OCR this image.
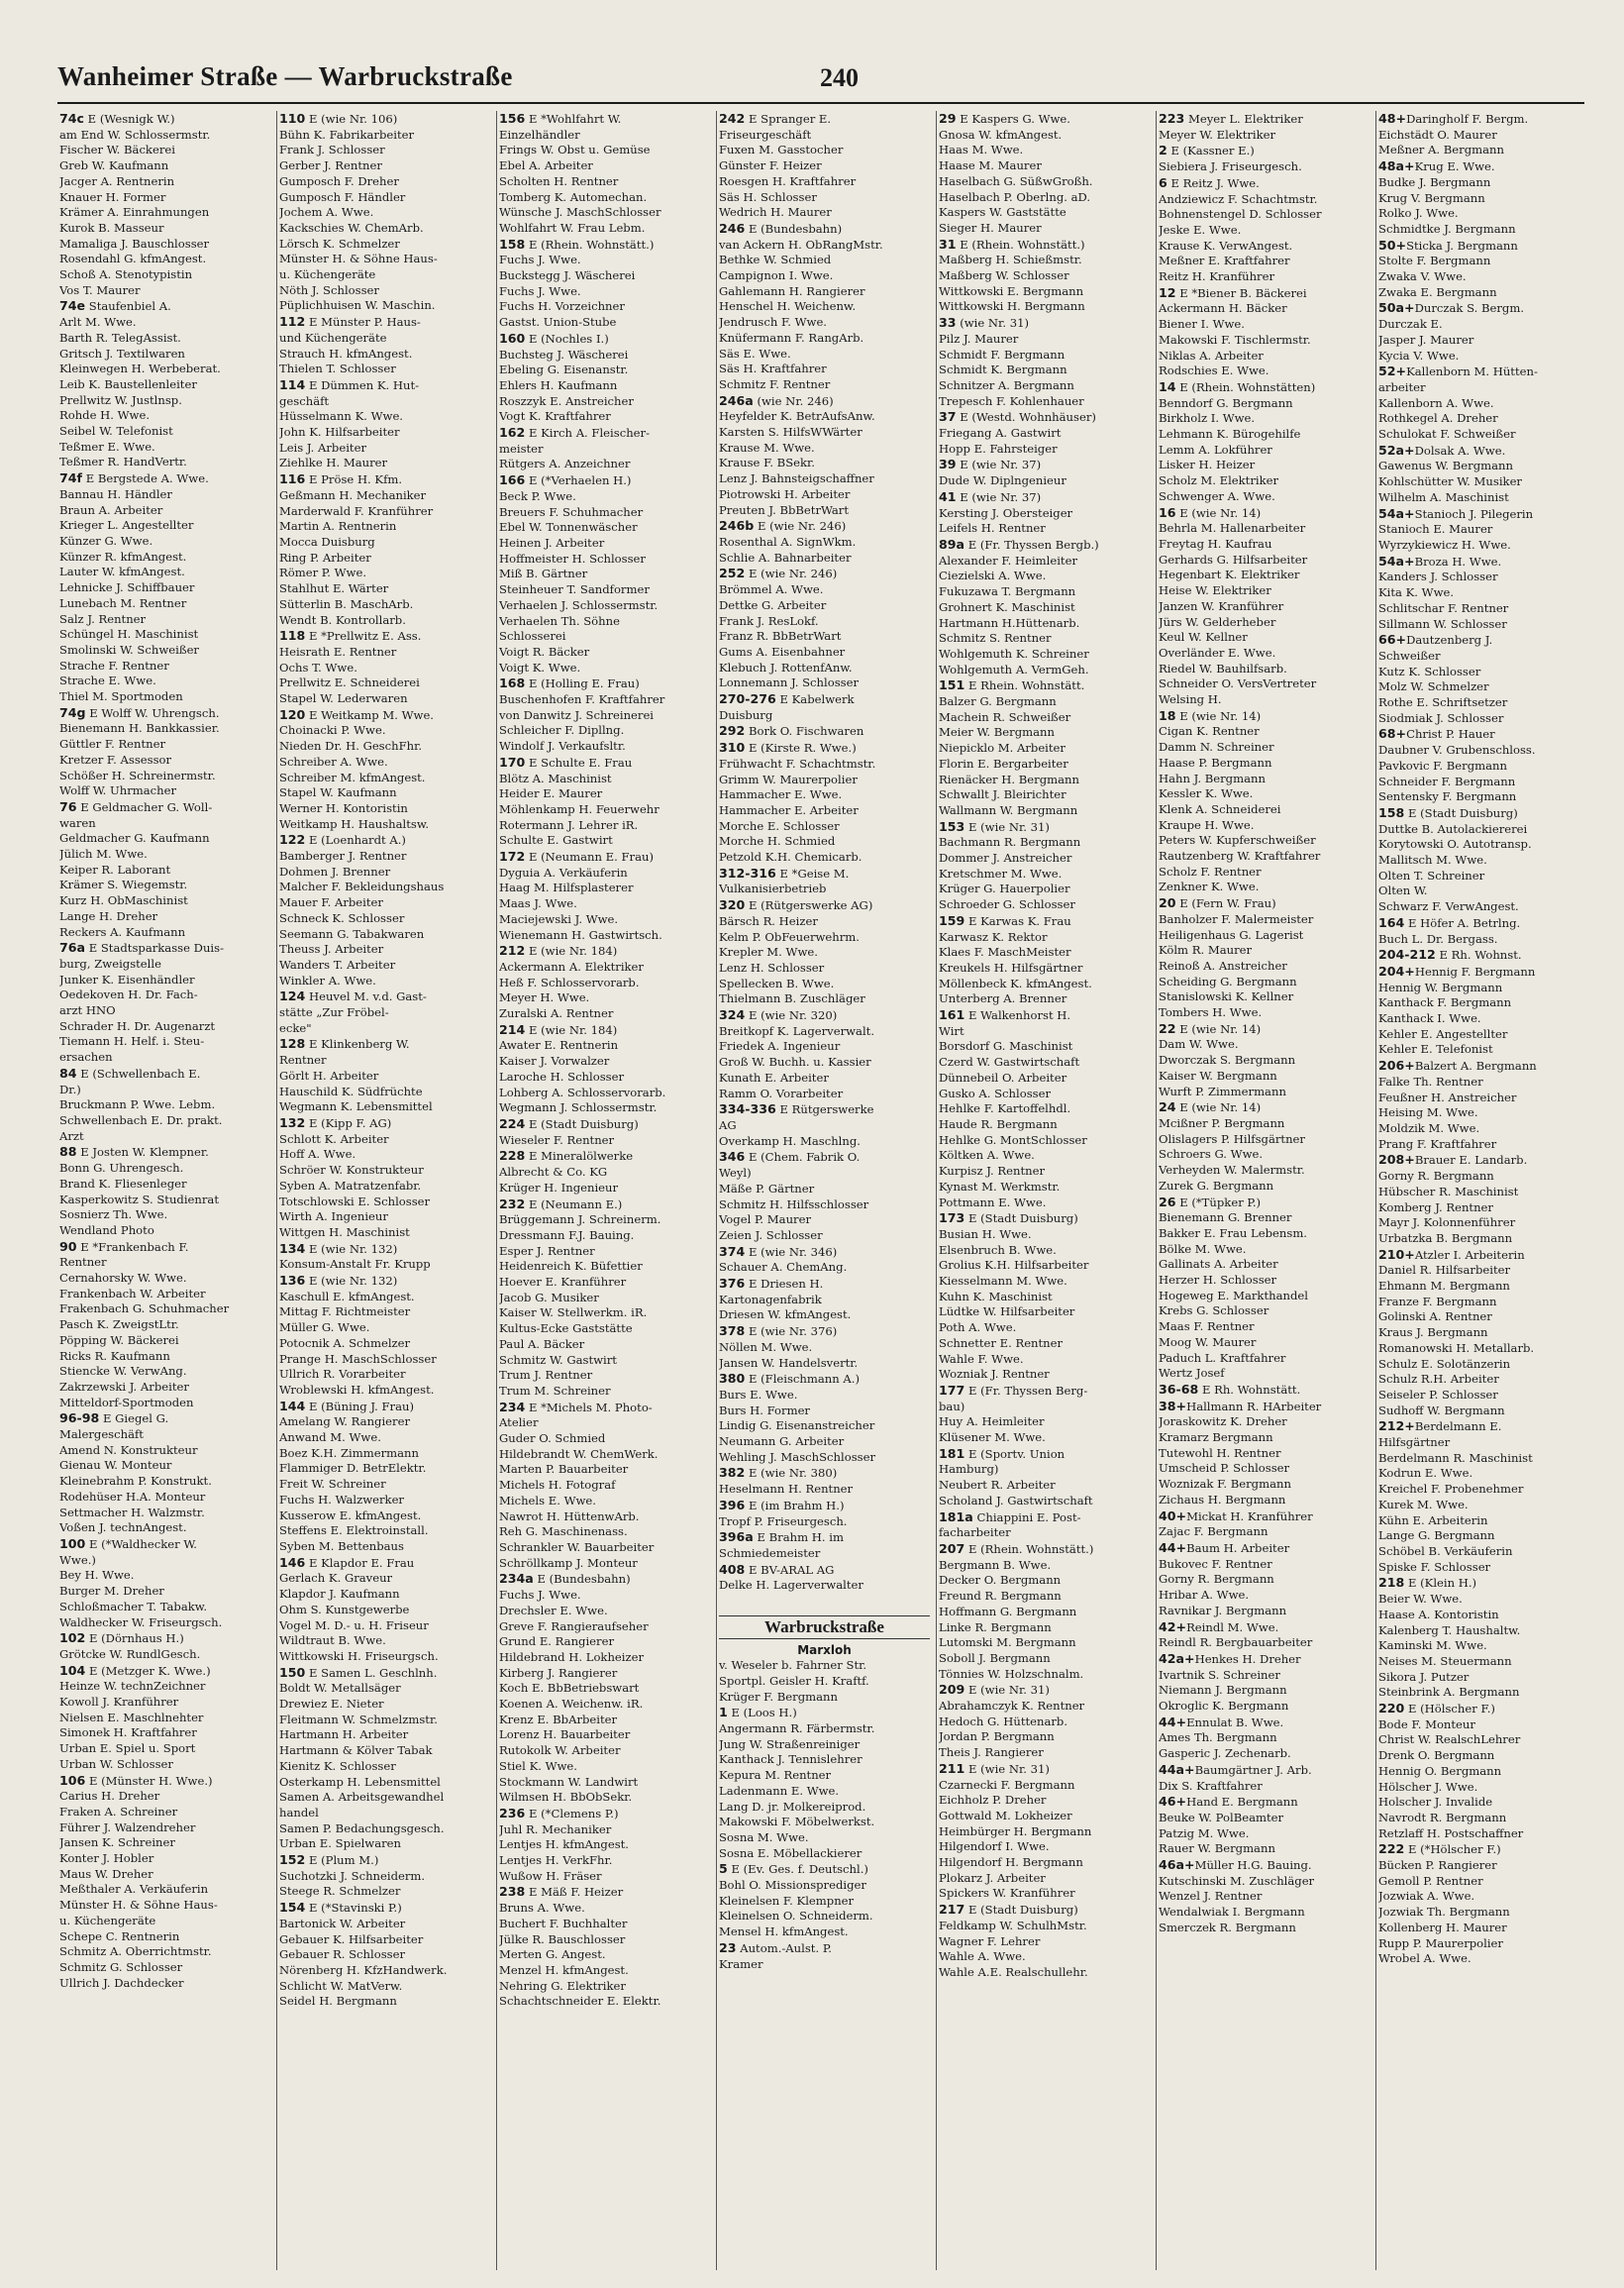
Wanheimer Straße — Warbruckstraße	240
74c E (Wesnigk W.)
am End W. Schlossermstr.
Fischer W. Bäckerei
Greb W. Kaufmann
Jacger A. Rentnerin
Knauer H. Former
Krämer A. Einrahmungen
Kurok B. Masseur
Mamaliga J. Bauschlosser
Rosendahl G. kfmAngest.
Schoß A. Stenotypistin
Vos T. Maurer
74e Staufenbiel A.
Arlt M. Wwe.
Barth R. TelegAssist.
Gritsch J. Textilwaren
Kleinwegen H. Werbeberat.
Leib K. Baustellenleiter
Prellwitz W. Justlnsp.
Rohde H. Wwe.
Seibel W. Telefonist
Teßmer E. Wwe.
Teßmer R. HandVertr.
74f E Bergstede A. Wwe.
Bannau H. Händler
Braun A. Arbeiter
Krieger L. Angestellter
Künzer G. Wwe.
Künzer R. kfmAngest.
Lauter W. kfmAngest.
Lehnicke J. Schiffbauer
Lunebach M. Rentner
Salz J. Rentner
Schüngel H. Maschinist
Smolinski W. Schweißer
Strache F. Rentner
Strache E. Wwe.
Thiel M. Sportmoden
74g E Wolff W. Uhrengsch.
Bienemann H. Bankkassier.
Güttler F. Rentner
Kretzer F. Assessor
Schößer H. Schreinermstr.
Wolff W. Uhrmacher
76 E Geldmacher G. Woll-
waren
Geldmacher G. Kaufmann
Jülich M. Wwe.
Keiper R. Laborant
Krämer S. Wiegemstr.
Kurz H. ObMaschinist
Lange H. Dreher
Reckers A. Kaufmann
76a E Stadtsparkasse Duis-
burg, Zweigstelle
Junker K. Eisenhändler
Oedekoven H. Dr. Fach-
arzt HNO
Schrader H. Dr. Augenarzt
Tiemann H. Helf. i. Steu-
ersachen
84 E (Schwellenbach E.
Dr.)
Bruckmann P. Wwe. Lebm.
Schwellenbach E. Dr. prakt.
Arzt
88 E Josten W. Klempner.
Bonn G. Uhrengesch.
Brand K. Fliesenleger
Kasperkowitz S. Studienrat
Sosnierz Th. Wwe.
Wendland Photo
90 E *Frankenbach F.
Rentner
Cernahorsky W. Wwe.
Frankenbach W. Arbeiter
Frakenbach G. Schuhmacher
Pasch K. ZweigstLtr.
Pöpping W. Bäckerei
Ricks R. Kaufmann
Stiencke W. VerwAng.
Zakrzewski J. Arbeiter
Mitteldorf-Sportmoden
96-98 E Giegel G.
Malergeschäft
Amend N. Konstrukteur
Gienau W. Monteur
Kleinebrahm P. Konstrukt.
Rodehüser H.A. Monteur
Settmacher H. Walzmstr.
Voßen J. technAngest.
100 E (*Waldhecker W.
Wwe.)
Bey H. Wwe.
Burger M. Dreher
Schloßmacher T. Tabakw.
Waldhecker W. Friseurgsch.
102 E (Dörnhaus H.)
Grötcke W. RundlGesch.
104 E (Metzger K. Wwe.)
Heinze W. technZeichner
Kowoll J. Kranführer
Nielsen E. Maschlnehter
Simonek H. Kraftfahrer
Urban E. Spiel u. Sport
Urban W. Schlosser
106 E (Münster H. Wwe.)
Carius H. Dreher
Fraken A. Schreiner
Führer J. Walzendreher
Jansen K. Schreiner
Konter J. Hobler
Maus W. Dreher
Meßthaler A. Verkäuferin
Münster H. & Söhne Haus-
u. Küchengeräte
Schepe C. Rentnerin
Schmitz A. Oberrichtmstr.
Schmitz G. Schlosser
Ullrich J. Dachdecker
110 E (wie Nr. 106)
Bühn K. Fabrikarbeiter
Frank J. Schlosser
Gerber J. Rentner
Gumposch F. Dreher
Gumposch F. Händler
Jochem A. Wwe.
Kackschies W. ChemArb.
Lörsch K. Schmelzer
Münster H. & Söhne Haus-
u. Küchengeräte
Nöth J. Schlosser
Püplichhuisen W. Maschin.
112 E Münster P. Haus-
und Küchengeräte
Strauch H. kfmAngest.
Thielen T. Schlosser
114 E Dümmen K. Hut-
geschäft
Hüsselmann K. Wwe.
John K. Hilfsarbeiter
Leis J. Arbeiter
Ziehlke H. Maurer
116 E Pröse H. Kfm.
Geßmann H. Mechaniker
Marderwald F. Kranführer
Martin A. Rentnerin
Mocca Duisburg
Ring P. Arbeiter
Römer P. Wwe.
Stahlhut E. Wärter
Sütterlin B. MaschArb.
Wendt B. Kontrollarb.
118 E *Prellwitz E. Ass.
Heisrath E. Rentner
Ochs T. Wwe.
Prellwitz E. Schneiderei
Stapel W. Lederwaren
120 E Weitkamp M. Wwe.
Choinacki P. Wwe.
Nieden Dr. H. GeschFhr.
Schreiber A. Wwe.
Schreiber M. kfmAngest.
Stapel W. Kaufmann
Werner H. Kontoristin
Weitkamp H. Haushaltsw.
122 E (Loenhardt A.)
Bamberger J. Rentner
Dohmen J. Brenner
Malcher F. Bekleidungshaus
Mauer F. Arbeiter
Schneck K. Schlosser
Seemann G. Tabakwaren
Theuss J. Arbeiter
Wanders T. Arbeiter
Winkler A. Wwe.
124 Heuvel M. v.d. Gast-
stätte „Zur Fröbel-
ecke"
128 E Klinkenberg W.
Rentner
Görlt H. Arbeiter
Hauschild K. Südfrüchte
Wegmann K. Lebensmittel
132 E (Kipp F. AG)
Schlott K. Arbeiter
Hoff A. Wwe.
Schröer W. Konstrukteur
Syben A. Matratzenfabr.
Totschlowski E. Schlosser
Wirth A. Ingenieur
Wittgen H. Maschinist
134 E (wie Nr. 132)
Konsum-Anstalt Fr. Krupp
136 E (wie Nr. 132)
Kaschull E. kfmAngest.
Mittag F. Richtmeister
Müller G. Wwe.
Potocnik A. Schmelzer
Prange H. MaschSchlosser
Ullrich R. Vorarbeiter
Wroblewski H. kfmAngest.
144 E (Büning J. Frau)
Amelang W. Rangierer
Anwand M. Wwe.
Boez K.H. Zimmermann
Flammiger D. BetrElektr.
Freit W. Schreiner
Fuchs H. Walzwerker
Kusserow E. kfmAngest.
Steffens E. Elektroinstall.
Syben M. Bettenbaus
146 E Klapdor E. Frau
Gerlach K. Graveur
Klapdor J. Kaufmann
Ohm S. Kunstgewerbe
Vogel M. D.- u. H. Friseur
Wildtraut B. Wwe.
Wittkowski H. Friseurgsch.
150 E Samen L. Geschlnh.
Boldt W. Metallsäger
Drewiez E. Nieter
Fleitmann W. Schmelzmstr.
Hartmann H. Arbeiter
Hartmann & Kölver Tabak
Kienitz K. Schlosser
Osterkamp H. Lebensmittel
Samen A. Arbeitsgewandhel
handel
Samen P. Bedachungsgesch.
Urban E. Spielwaren
152 E (Plum M.)
Suchotzki J. Schneiderm.
Steege R. Schmelzer
154 E (*Stavinski P.)
Bartonick W. Arbeiter
Gebauer K. Hilfsarbeiter
Gebauer R. Schlosser
Nörenberg H. KfzHandwerk.
Schlicht W. MatVerw.
Seidel H. Bergmann
156 E *Wohlfahrt W.
Einzelhändler
Frings W. Obst u. Gemüse
Ebel A. Arbeiter
Scholten H. Rentner
Tomberg K. Automechan.
Wünsche J. MaschSchlosser
Wohlfahrt W. Frau Lebm.
158 E (Rhein. Wohnstätt.)
Fuchs J. Wwe.
Buckstegg J. Wäscherei
Fuchs J. Wwe.
Fuchs H. Vorzeichner
Gastst. Union-Stube
160 E (Nochles I.)
Buchsteg J. Wäscherei
Ebeling G. Eisenanstr.
Ehlers H. Kaufmann
Roszzyk E. Anstreicher
Vogt K. Kraftfahrer
162 E Kirch A. Fleischer-
meister
Rütgers A. Anzeichner
166 E (*Verhaelen H.)
Beck P. Wwe.
Breuers F. Schuhmacher
Ebel W. Tonnenwäscher
Heinen J. Arbeiter
Hoffmeister H. Schlosser
Miß B. Gärtner
Steinheuer T. Sandformer
Verhaelen J. Schlossermstr.
Verhaelen Th. Söhne
Schlosserei
Voigt R. Bäcker
Voigt K. Wwe.
168 E (Holling E. Frau)
Buschenhofen F. Kraftfahrer
von Danwitz J. Schreinerei
Schleicher F. Dipllng.
Windolf J. Verkaufsltr.
170 E Schulte E. Frau
Blötz A. Maschinist
Heider E. Maurer
Möhlenkamp H. Feuerwehr
Rotermann J. Lehrer iR.
Schulte E. Gastwirt
172 E (Neumann E. Frau)
Dyguia A. Verkäuferin
Haag M. Hilfsplasterer
Maas J. Wwe.
Maciejewski J. Wwe.
Wienemann H. Gastwirtsch.
212 E (wie Nr. 184)
Ackermann A. Elektriker
Heß F. Schlosservorarb.
Meyer H. Wwe.
Zuralski A. Rentner
214 E (wie Nr. 184)
Awater E. Rentnerin
Kaiser J. Vorwalzer
Laroche H. Schlosser
Lohberg A. Schlosservorarb.
Wegmann J. Schlossermstr.
224 E (Stadt Duisburg)
Wieseler F. Rentner
228 E Mineralölwerke
Albrecht & Co. KG
Krüger H. Ingenieur
232 E (Neumann E.)
Brüggemann J. Schreinerm.
Dressmann F.J. Bauing.
Esper J. Rentner
Heidenreich K. Büfettier
Hoever E. Kranführer
Jacob G. Musiker
Kaiser W. Stellwerkm. iR.
Kultus-Ecke Gaststätte
Paul A. Bäcker
Schmitz W. Gastwirt
Trum J. Rentner
Trum M. Schreiner
234 E *Michels M. Photo-
Atelier
Guder O. Schmied
Hildebrandt W. ChemWerk.
Marten P. Bauarbeiter
Michels H. Fotograf
Michels E. Wwe.
Nawrot H. HüttenwArb.
Reh G. Maschinenass.
Schrankler W. Bauarbeiter
Schröllkamp J. Monteur
234a E (Bundesbahn)
Fuchs J. Wwe.
Drechsler E. Wwe.
Greve F. Rangieraufseher
Grund E. Rangierer
Hildebrand H. Lokheizer
Kirberg J. Rangierer
Koch E. BbBetriebswart
Koenen A. Weichenw. iR.
Krenz E. BbArbeiter
Lorenz H. Bauarbeiter
Rutokolk W. Arbeiter
Stiel K. Wwe.
Stockmann W. Landwirt
Wilmsen H. BbObSekr.
236 E (*Clemens P.)
Juhl R. Mechaniker
Lentjes H. kfmAngest.
Lentjes H. VerkFhr.
Wußow H. Fräser
238 E Mäß F. Heizer
Bruns A. Wwe.
Buchert F. Buchhalter
Jülke R. Bauschlosser
Merten G. Angest.
Menzel H. kfmAngest.
Nehring G. Elektriker
Schachtschneider E. Elektr.
242 E Spranger E.
Friseurgeschäft
Fuxen M. Gasstocher
Günster F. Heizer
Roesgen H. Kraftfahrer
Säs H. Schlosser
Wedrich H. Maurer
246 E (Bundesbahn)
van Ackern H. ObRangMstr.
Bethke W. Schmied
Campignon I. Wwe.
Gahlemann H. Rangierer
Henschel H. Weichenw.
Jendrusch F. Wwe.
Knüfermann F. RangArb.
Säs E. Wwe.
Säs H. Kraftfahrer
Schmitz F. Rentner
246a (wie Nr. 246)
Heyfelder K. BetrAufsAnw.
Karsten S. HilfsWWärter
Krause M. Wwe.
Krause F. BSekr.
Lenz J. Bahnsteigschaffner
Piotrowski H. Arbeiter
Preuten J. BbBetrWart
246b E (wie Nr. 246)
Rosenthal A. SignWkm.
Schlie A. Bahnarbeiter
252 E (wie Nr. 246)
Brömmel A. Wwe.
Dettke G. Arbeiter
Frank J. ResLokf.
Franz R. BbBetrWart
Gums A. Eisenbahner
Klebuch J. RottenfAnw.
Lonnemann J. Schlosser
270-276 E Kabelwerk
Duisburg
292 Bork O. Fischwaren
310 E (Kirste R. Wwe.)
Frühwacht F. Schachtmstr.
Grimm W. Maurerpolier
Hammacher E. Wwe.
Hammacher E. Arbeiter
Morche E. Schlosser
Morche H. Schmied
Petzold K.H. Chemicarb.
312-316 E *Geise M.
Vulkanisierbetrieb
320 E (Rütgerswerke AG)
Bärsch R. Heizer
Kelm P. ObFeuerwehrm.
Krepler M. Wwe.
Lenz H. Schlosser
Spellecken B. Wwe.
Thielmann B. Zuschläger
324 E (wie Nr. 320)
Breitkopf K. Lagerverwalt.
Friedek A. Ingenieur
Groß W. Buchh. u. Kassier
Kunath E. Arbeiter
Ramm O. Vorarbeiter
334-336 E Rütgerswerke
AG
Overkamp H. Maschlng.
346 E (Chem. Fabrik O.
Weyl)
Mäße P. Gärtner
Schmitz H. Hilfsschlosser
Vogel P. Maurer
Zeien J. Schlosser
374 E (wie Nr. 346)
Schauer A. ChemAng.
376 E Driesen H.
Kartonagenfabrik
Driesen W. kfmAngest.
378 E (wie Nr. 376)
Nöllen M. Wwe.
Jansen W. Handelsvertr.
380 E (Fleischmann A.)
Burs E. Wwe.
Burs H. Former
Lindig G. Eisenanstreicher
Neumann G. Arbeiter
Wehling J. MaschSchlosser
382 E (wie Nr. 380)
Heselmann H. Rentner
396 E (im Brahm H.)
Tropf P. Friseurgesch.
396a E Brahm H. im
Schmiedemeister
408 E BV-ARAL AG
Delke H. Lagerverwalter

Warbruckstraße
Marxloh
v. Weseler b. Fahrner Str.
Sportpl. Geisler H. Kraftf.
Krüger F. Bergmann
1 E (Loos H.)
Angermann R. Färbermstr.
Jung W. Straßenreiniger
Kanthack J. Tennislehrer
Kepura M. Rentner
Ladenmann E. Wwe.
Lang D. jr. Molkereiprod.
Makowski F. Möbelwerkst.
Sosna M. Wwe.
Sosna E. Möbellackierer
5 E (Ev. Ges. f. Deutschl.)
Bohl O. Missionsprediger
Kleinelsen F. Klempner
Kleinelsen O. Schneiderm.
Mensel H. kfmAngest.
23 Autom.-Aulst. P.
Kramer
29 E Kaspers G. Wwe.
Gnosa W. kfmAngest.
Haas M. Wwe.
Haase M. Maurer
Haselbach G. SüßwGroßh.
Haselbach P. Oberlng. aD.
Kaspers W. Gaststätte
Sieger H. Maurer
31 E (Rhein. Wohnstätt.)
Maßberg H. Schießmstr.
Maßberg W. Schlosser
Wittkowski E. Bergmann
Wittkowski H. Bergmann
33 (wie Nr. 31)
Pilz J. Maurer
Schmidt F. Bergmann
Schmidt K. Bergmann
Schnitzer A. Bergmann
Trepesch F. Kohlenhauer
37 E (Westd. Wohnhäuser)
Friegang A. Gastwirt
Hopp E. Fahrsteiger
39 E (wie Nr. 37)
Dude W. Diplngenieur
41 E (wie Nr. 37)
Kersting J. Obersteiger
Leifels H. Rentner
89a E (Fr. Thyssen Bergb.)
Alexander F. Heimleiter
Ciezielski A. Wwe.
Fukuzawa T. Bergmann
Grohnert K. Maschinist
Hartmann H.Hüttenarb.
Schmitz S. Rentner
Wohlgemuth K. Schreiner
Wohlgemuth A. VermGeh.
151 E Rhein. Wohnstätt.
Balzer G. Bergmann
Machein R. Schweißer
Meier W. Bergmann
Niepicklo M. Arbeiter
Florin E. Bergarbeiter
Rienäcker H. Bergmann
Schwallt J. Bleirichter
Wallmann W. Bergmann
153 E (wie Nr. 31)
Bachmann R. Bergmann
Dommer J. Anstreicher
Kretschmer M. Wwe.
Krüger G. Hauerpolier
Schroeder G. Schlosser
159 E Karwas K. Frau
Karwasz K. Rektor
Klaes F. MaschMeister
Kreukels H. Hilfsgärtner
Möllenbeck K. kfmAngest.
Unterberg A. Brenner
161 E Walkenhorst H.
Wirt
Borsdorf G. Maschinist
Czerd W. Gastwirtschaft
Dünnebeil O. Arbeiter
Gusko A. Schlosser
Hehlke F. Kartoffelhdl.
Haude R. Bergmann
Hehlke G. MontSchlosser
Költken A. Wwe.
Kurpisz J. Rentner
Kynast M. Werkmstr.
Pottmann E. Wwe.
173 E (Stadt Duisburg)
Busian H. Wwe.
Elsenbruch B. Wwe.
Grolius K.H. Hilfsarbeiter
Kiesselmann M. Wwe.
Kuhn K. Maschinist
Lüdtke W. Hilfsarbeiter
Poth A. Wwe.
Schnetter E. Rentner
Wahle F. Wwe.
Wozniak J. Rentner
177 E (Fr. Thyssen Berg-
bau)
Huy A. Heimleiter
Klüsener M. Wwe.
181 E (Sportv. Union
Hamburg)
Neubert R. Arbeiter
Scholand J. Gastwirtschaft
181a Chiappini E. Post-
facharbeiter
207 E (Rhein. Wohnstätt.)
Bergmann B. Wwe.
Decker O. Bergmann
Freund R. Bergmann
Hoffmann G. Bergmann
Linke R. Bergmann
Lutomski M. Bergmann
Soboll J. Bergmann
Tönnies W. Holzschnalm.
209 E (wie Nr. 31)
Abrahamczyk K. Rentner
Hedoch G. Hüttenarb.
Jordan P. Bergmann
Theis J. Rangierer
211 E (wie Nr. 31)
Czarnecki F. Bergmann
Eichholz P. Dreher
Gottwald M. Lokheizer
Heimbürger H. Bergmann
Hilgendorf I. Wwe.
Hilgendorf H. Bergmann
Plokarz J. Arbeiter
Spickers W. Kranführer
217 E (Stadt Duisburg)
Feldkamp W. SchulhMstr.
Wagner F. Lehrer
Wahle A. Wwe.
Wahle A.E. Realschullehr.
223 Meyer L. Elektriker
Meyer W. Elektriker
2 E (Kassner E.)
Siebiera J. Friseurgesch.
6 E Reitz J. Wwe.
Andziewicz F. Schachtmstr.
Bohnenstengel D. Schlosser
Jeske E. Wwe.
Krause K. VerwAngest.
Meßner E. Kraftfahrer
Reitz H. Kranführer
12 E *Biener B. Bäckerei
Ackermann H. Bäcker
Biener I. Wwe.
Makowski F. Tischlermstr.
Niklas A. Arbeiter
Rodschies E. Wwe.
14 E (Rhein. Wohnstätten)
Benndorf G. Bergmann
Birkholz I. Wwe.
Lehmann K. Bürogehilfe
Lemm A. Lokführer
Lisker H. Heizer
Scholz M. Elektriker
Schwenger A. Wwe.
16 E (wie Nr. 14)
Behrla M. Hallenarbeiter
Freytag H. Kaufrau
Gerhards G. Hilfsarbeiter
Hegenbart K. Elektriker
Heise W. Elektriker
Janzen W. Kranführer
Jürs W. Gelderheber
Keul W. Kellner
Overländer E. Wwe.
Riedel W. Bauhilfsarb.
Schneider O. VersVertreter
Welsing H.
18 E (wie Nr. 14)
Cigan K. Rentner
Damm N. Schreiner
Haase P. Bergmann
Hahn J. Bergmann
Kessler K. Wwe.
Klenk A. Schneiderei
Kraupe H. Wwe.
Peters W. Kupferschweißer
Rautzenberg W. Kraftfahrer
Scholz F. Rentner
Zenkner K. Wwe.
20 E (Fern W. Frau)
Banholzer F. Malermeister
Heiligenhaus G. Lagerist
Kölm R. Maurer
Reinoß A. Anstreicher
Scheiding G. Bergmann
Stanislowski K. Kellner
Tombers H. Wwe.
22 E (wie Nr. 14)
Dam W. Wwe.
Dworczak S. Bergmann
Kaiser W. Bergmann
Wurft P. Zimmermann
24 E (wie Nr. 14)
Mcißner P. Bergmann
Olislagers P. Hilfsgärtner
Schroers G. Wwe.
Verheyden W. Malermstr.
Zurek G. Bergmann
26 E (*Tüpker P.)
Bienemann G. Brenner
Bakker E. Frau Lebensm.
Bölke M. Wwe.
Gallinats A. Arbeiter
Herzer H. Schlosser
Hogeweg E. Markthandel
Krebs G. Schlosser
Maas F. Rentner
Moog W. Maurer
Paduch L. Kraftfahrer
Wertz Josef
36-68 E Rh. Wohnstätt.
38+Hallmann R. HArbeiter
Joraskowitz K. Dreher
Kramarz Bergmann
Tutewohl H. Rentner
Umscheid P. Schlosser
Woznizak F. Bergmann
Zichaus H. Bergmann
40+Mickat H. Kranführer
Zajac F. Bergmann
44+Baum H. Arbeiter
Bukovec F. Rentner
Gorny R. Bergmann
Hribar A. Wwe.
Ravnikar J. Bergmann
42+Reindl M. Wwe.
Reindl R. Bergbauarbeiter
42a+Henkes H. Dreher
Ivartnik S. Schreiner
Niemann J. Bergmann
Okroglic K. Bergmann
44+Ennulat B. Wwe.
Ames Th. Bergmann
Gasperic J. Zechenarb.
44a+Baumgärtner J. Arb.
Dix S. Kraftfahrer
46+Hand E. Bergmann
Beuke W. PolBeamter
Patzig M. Wwe.
Rauer W. Bergmann
46a+Müller H.G. Bauing.
Kutschinski M. Zuschläger
Wenzel J. Rentner
Wendalwiak I. Bergmann
Smerczek R. Bergmann
48+Daringholf F. Bergm.
Eichstädt O. Maurer
Meßner A. Bergmann
48a+Krug E. Wwe.
Budke J. Bergmann
Krug V. Bergmann
Rolko J. Wwe.
Schmidtke J. Bergmann
50+Sticka J. Bergmann
Stolte F. Bergmann
Zwaka V. Wwe.
Zwaka E. Bergmann
50a+Durczak S. Bergm.
Durczak E.
Jasper J. Maurer
Kycia V. Wwe.
52+Kallenborn M. Hütten-
arbeiter
Kallenborn A. Wwe.
Rothkegel A. Dreher
Schulokat F. Schweißer
52a+Dolsak A. Wwe.
Gawenus W. Bergmann
Kohlschütter W. Musiker
Wilhelm A. Maschinist
54a+Stanioch J. Pilegerin
Stanioch E. Maurer
Wyrzykiewicz H. Wwe.
54a+Broza H. Wwe.
Kanders J. Schlosser
Kita K. Wwe.
Schlitschar F. Rentner
Sillmann W. Schlosser
66+Dautzenberg J.
Schweißer
Kutz K. Schlosser
Molz W. Schmelzer
Rothe E. Schriftsetzer
Siodmiak J. Schlosser
68+Christ P. Hauer
Daubner V. Grubenschloss.
Pavkovic F. Bergmann
Schneider F. Bergmann
Sentensky F. Bergmann
158 E (Stadt Duisburg)
Duttke B. Autolackiererei
Korytowski O. Autotransp.
Mallitsch M. Wwe.
Olten T. Schreiner
Olten W.
Schwarz F. VerwAngest.
164 E Höfer A. Betrlng.
Buch L. Dr. Bergass.
204-212 E Rh. Wohnst.
204+Hennig F. Bergmann
Hennig W. Bergmann
Kanthack F. Bergmann
Kanthack I. Wwe.
Kehler E. Angestellter
Kehler E. Telefonist
206+Balzert A. Bergmann
Falke Th. Rentner
Feußner H. Anstreicher
Heising M. Wwe.
Moldzik M. Wwe.
Prang F. Kraftfahrer
208+Brauer E. Landarb.
Gorny R. Bergmann
Hübscher R. Maschinist
Komberg J. Rentner
Mayr J. Kolonnenführer
Urbatzka B. Bergmann
210+Atzler I. Arbeiterin
Daniel R. Hilfsarbeiter
Ehmann M. Bergmann
Franze F. Bergmann
Golinski A. Rentner
Kraus J. Bergmann
Romanowski H. Metallarb.
Schulz E. Solotänzerin
Schulz R.H. Arbeiter
Seiseler P. Schlosser
Sudhoff W. Bergmann
212+Berdelmann E.
Hilfsgärtner
Berdelmann R. Maschinist
Kodrun E. Wwe.
Kreichel F. Probenehmer
Kurek M. Wwe.
Kühn E. Arbeiterin
Lange G. Bergmann
Schöbel B. Verkäuferin
Spiske F. Schlosser
218 E (Klein H.)
Beier W. Wwe.
Haase A. Kontoristin
Kalenberg T. Haushaltw.
Kaminski M. Wwe.
Neises M. Steuermann
Sikora J. Putzer
Steinbrink A. Bergmann
220 E (Hölscher F.)
Bode F. Monteur
Christ W. RealschLehrer
Drenk O. Bergmann
Hennig O. Bergmann
Hölscher J. Wwe.
Holscher J. Invalide
Navrodt R. Bergmann
Retzlaff H. Postschaffner
222 E (*Hölscher F.)
Bücken P. Rangierer
Gemoll P. Rentner
Jozwiak A. Wwe.
Jozwiak Th. Bergmann
Kollenberg H. Maurer
Rupp P. Maurerpolier
Wrobel A. Wwe.
